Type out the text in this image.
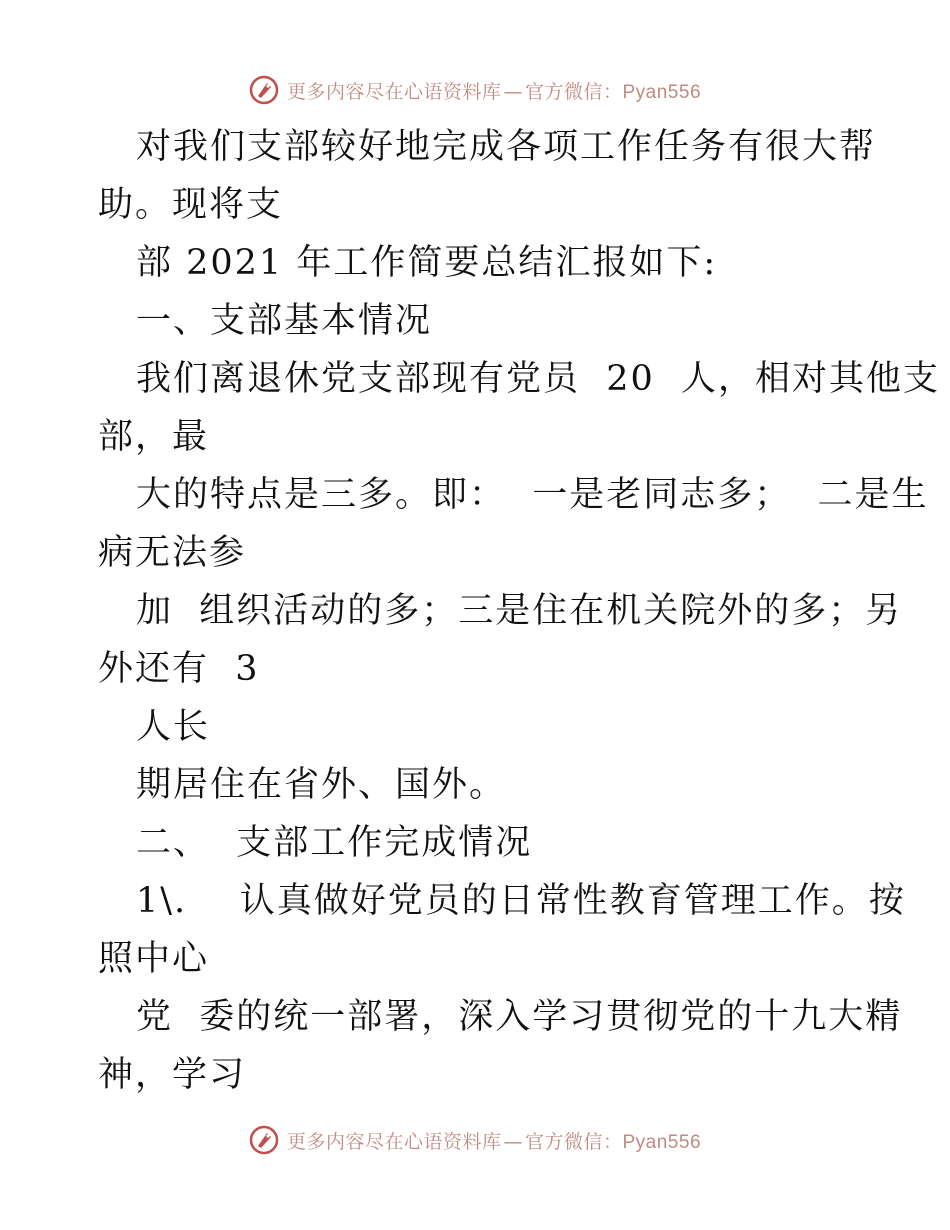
更多内容尽在心语资料库 — 官方微信：Pyan556
对我们支部较好地完成各项工作任务有很大帮
助。现将支
部 2021 年工作简要总结汇报如下:
一、支部基本情况
我们离退休党支部现有党员  20  人，相对其他支
部，最
大的特点是三多。即：  一是老同志多；  二是生
病无法参
加  组织活动的多；三是住在机关院外的多；另
外还有  3
人长
期居住在省外、国外。
二、  支部工作完成情况
1\.    认真做好党员的日常性教育管理工作。按
照中心
党  委的统一部署，深入学习贯彻党的十九大精
神，学习
更多内容尽在心语资料库 — 官方微信：Pyan556
